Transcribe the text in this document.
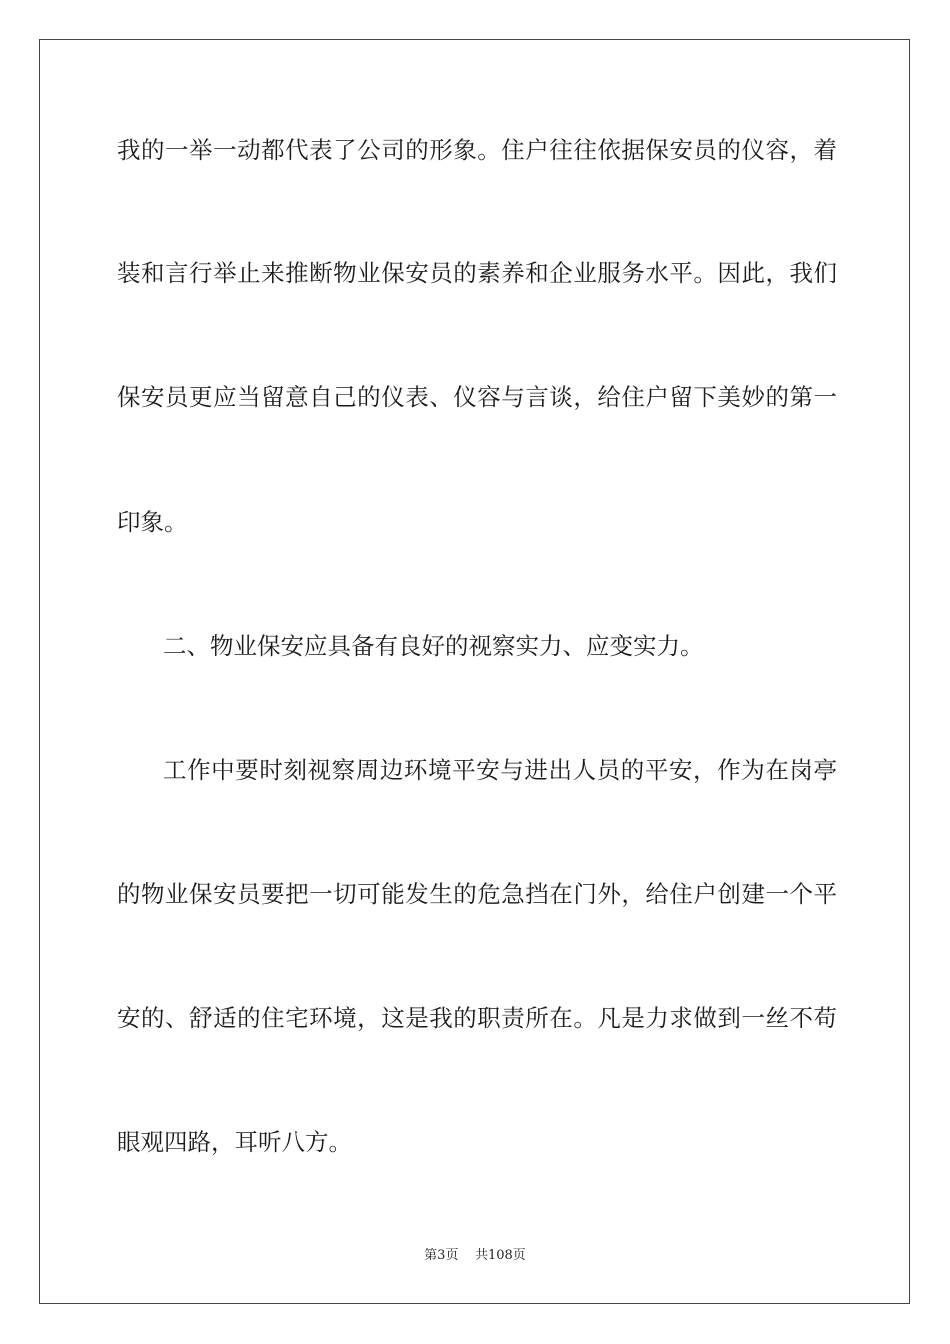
我的一举一动都代表了公司的形象。住户往往依据保安员的仪容，着
装和言行举止来推断物业保安员的素养和企业服务水平。因此，我们
保安员更应当留意自己的仪表、仪容与言谈，给住户留下美妙的第一
印象。
二、物业保安应具备有良好的视察实力、应变实力。
工作中要时刻视察周边环境平安与进出人员的平安，作为在岗亭
的物业保安员要把一切可能发生的危急挡在门外，给住户创建一个平
安的、舒适的住宅环境，这是我的职责所在。凡是力求做到一丝不苟
眼观四路，耳听八方。
第3页 共108页
